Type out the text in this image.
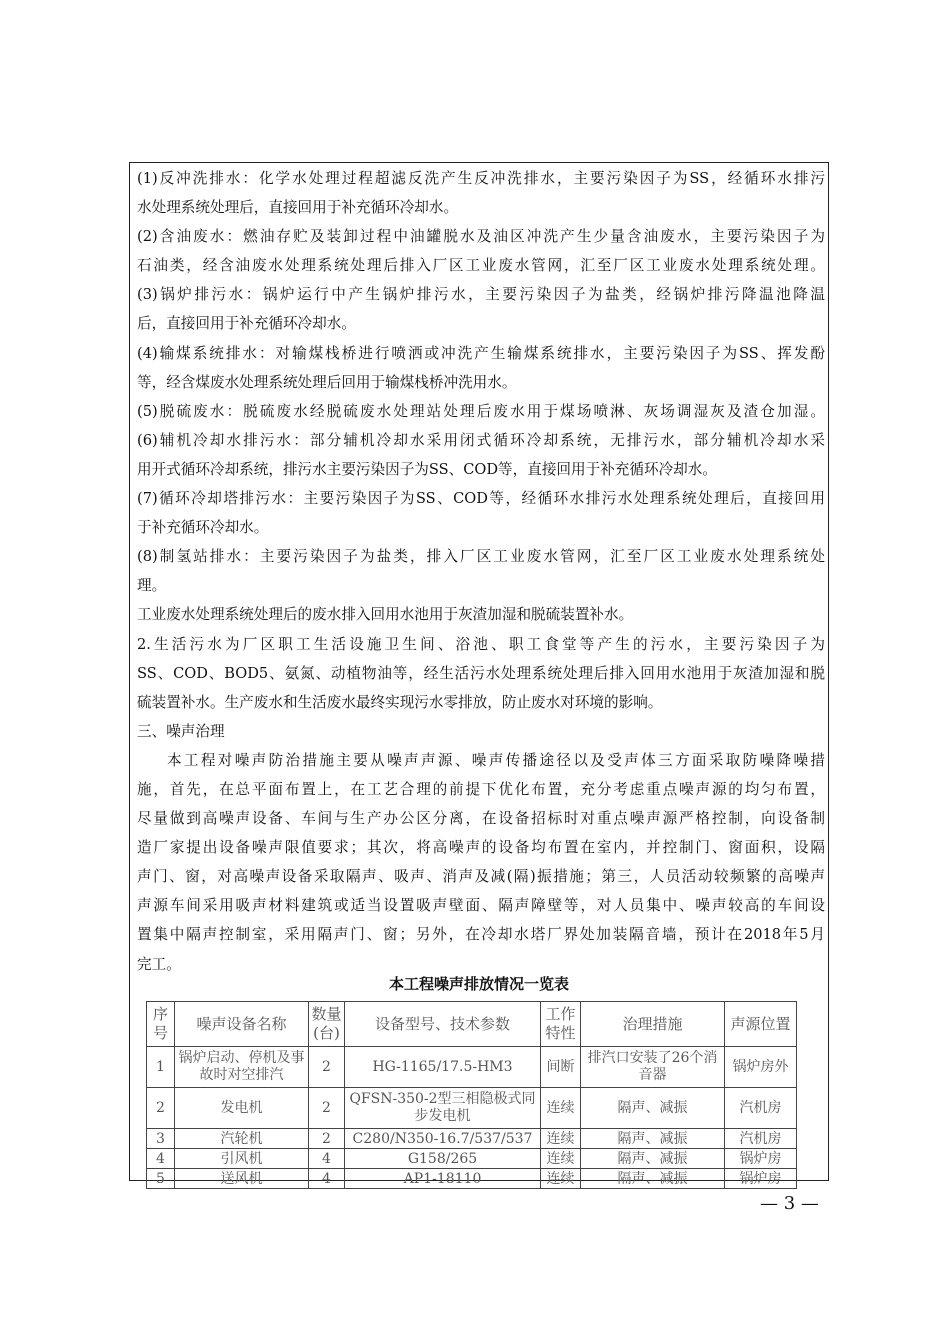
(1)反冲洗排水：化学水处理过程超滤反洗产生反冲洗排水，主要污染因子为SS，经循环水排污
水处理系统处理后，直接回用于补充循环冷却水。
(2)含油废水：燃油存贮及装卸过程中油罐脱水及油区冲洗产生少量含油废水，主要污染因子为
石油类，经含油废水处理系统处理后排入厂区工业废水管网，汇至厂区工业废水处理系统处理。
(3)锅炉排污水：锅炉运行中产生锅炉排污水，主要污染因子为盐类，经锅炉排污降温池降温
后，直接回用于补充循环冷却水。
(4)输煤系统排水：对输煤栈桥进行喷洒或冲洗产生输煤系统排水，主要污染因子为SS、挥发酚
等，经含煤废水处理系统处理后回用于输煤栈桥冲洗用水。
(5)脱硫废水：脱硫废水经脱硫废水处理站处理后废水用于煤场喷淋、灰场调湿灰及渣仓加湿。
(6)辅机冷却水排污水：部分辅机冷却水采用闭式循环冷却系统，无排污水，部分辅机冷却水采
用开式循环冷却系统，排污水主要污染因子为SS、COD等，直接回用于补充循环冷却水。
(7)循环冷却塔排污水：主要污染因子为SS、COD等，经循环水排污水处理系统处理后，直接回用
于补充循环冷却水。
(8)制氢站排水：主要污染因子为盐类，排入厂区工业废水管网，汇至厂区工业废水处理系统处
理。
工业废水处理系统处理后的废水排入回用水池用于灰渣加湿和脱硫装置补水。
2.生活污水为厂区职工生活设施卫生间、浴池、职工食堂等产生的污水，主要污染因子为
SS、COD、BOD5、氨氮、动植物油等，经生活污水处理系统处理后排入回用水池用于灰渣加湿和脱
硫装置补水。生产废水和生活废水最终实现污水零排放，防止废水对环境的影响。
三、噪声治理
本工程对噪声防治措施主要从噪声声源、噪声传播途径以及受声体三方面采取防噪降噪措
施，首先，在总平面布置上，在工艺合理的前提下优化布置，充分考虑重点噪声源的均匀布置，
尽量做到高噪声设备、车间与生产办公区分离，在设备招标时对重点噪声源严格控制，向设备制
造厂家提出设备噪声限值要求；其次，将高噪声的设备均布置在室内，并控制门、窗面积，设隔
声门、窗，对高噪声设备采取隔声、吸声、消声及减(隔)振措施；第三，人员活动较频繁的高噪声
声源车间采用吸声材料建筑或适当设置吸声壁面、隔声障壁等，对人员集中、噪声较高的车间设
置集中隔声控制室，采用隔声门、窗；另外，在冷却水塔厂界处加装隔音墙，预计在2018年5月
完工。
本工程噪声排放情况一览表
序号	噪声设备名称	数量(台)	设备型号、技术参数	工作特性	治理措施	声源位置
1	锅炉启动、停机及事故时对空排汽	2	HG-1165/17.5-HM3	间断	排汽口安装了26个消音器	锅炉房外
2	发电机	2	QFSN-350-2型三相隐极式同步发电机	连续	隔声、减振	汽机房
3	汽轮机	2	C280/N350-16.7/537/537	连续	隔声、减振	汽机房
4	引风机	4	G158/265	连续	隔声、减振	锅炉房
5	送风机	4	AP1-18110	连续	隔声、减振	锅炉房
— 3 —
